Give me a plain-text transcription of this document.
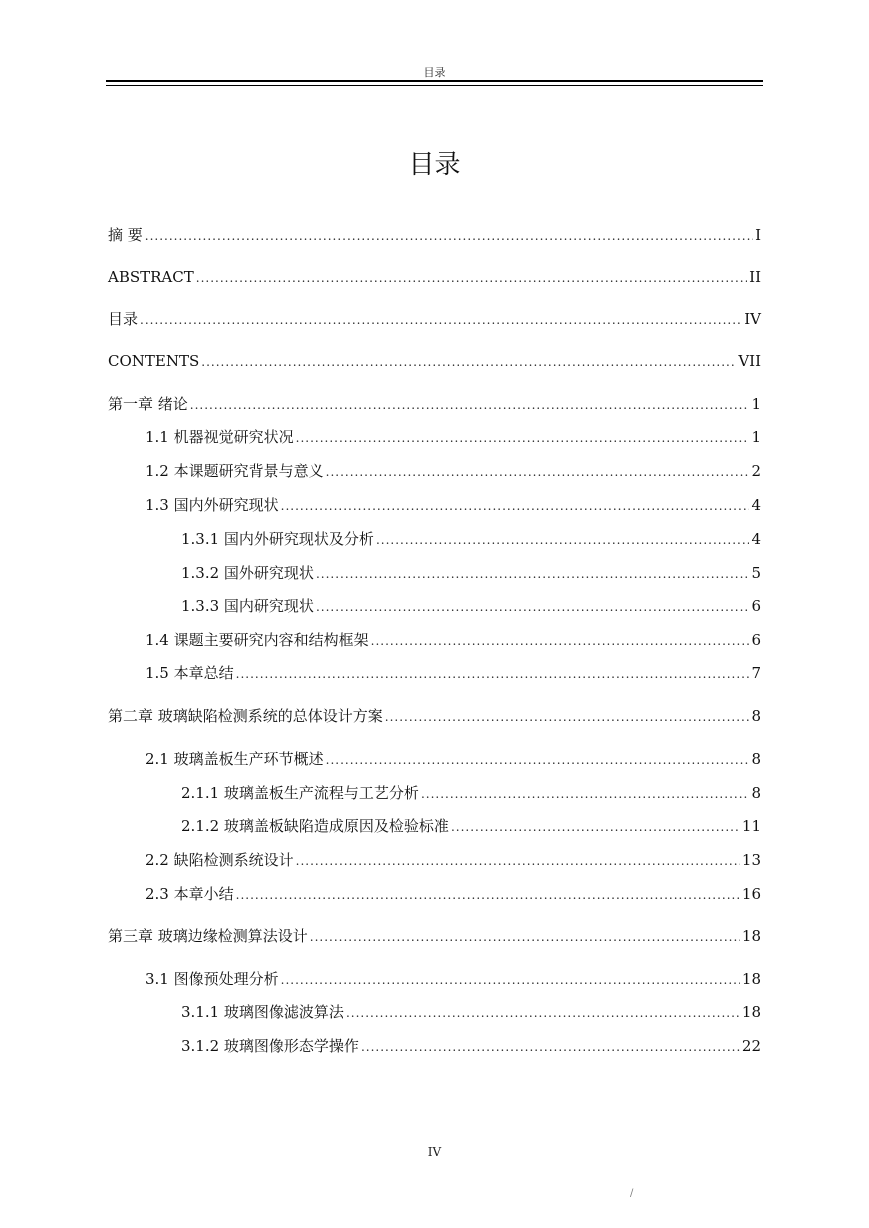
目录
目录
摘 要 .....	I
ABSTRACT .....	II
目录 .....	IV
CONTENTS .....	VII
第一章 绪论 .....	1
1.1 机器视觉研究状况 .....	1
1.2 本课题研究背景与意义 .....	2
1.3 国内外研究现状 .....	4
1.3.1 国内外研究现状及分析 .....	4
1.3.2 国外研究现状 .....	5
1.3.3 国内研究现状 .....	6
1.4 课题主要研究内容和结构框架 .....	6
1.5 本章总结 .....	7
第二章 玻璃缺陷检测系统的总体设计方案 .....	8
2.1 玻璃盖板生产环节概述 .....	8
2.1.1 玻璃盖板生产流程与工艺分析 .....	8
2.1.2 玻璃盖板缺陷造成原因及检验标准 .....	11
2.2 缺陷检测系统设计 .....	13
2.3 本章小结 .....	16
第三章 玻璃边缘检测算法设计 .....	18
3.1 图像预处理分析 .....	18
3.1.1 玻璃图像滤波算法 .....	18
3.1.2 玻璃图像形态学操作 .....	22
IV
/
